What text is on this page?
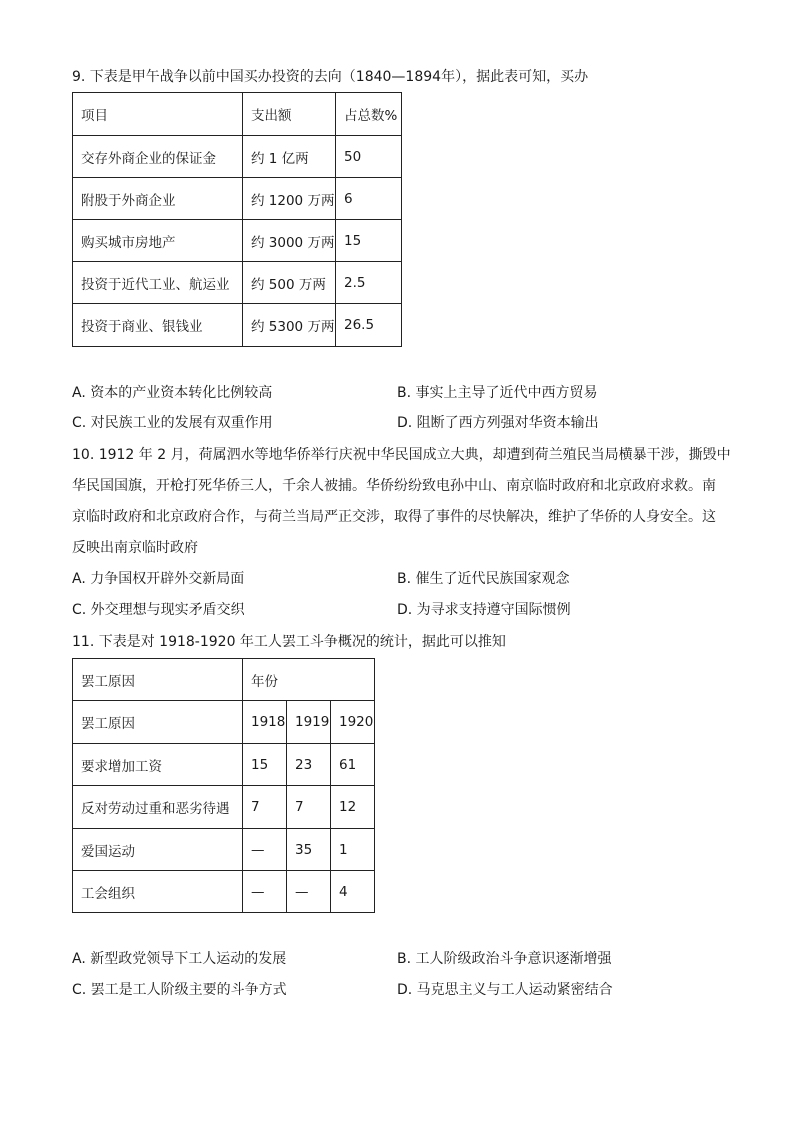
9. 下表是甲午战争以前中国买办投资的去向（1840—1894年），据此表可知，买办
项目	支出额	占总数%
交存外商企业的保证金	约 1 亿两	50
附股于外商企业	约 1200 万两	6
购买城市房地产	约 3000 万两	15
投资于近代工业、航运业	约 500 万两	2.5
投资于商业、银钱业	约 5300 万两	26.5
A. 资本的产业资本转化比例较高	B. 事实上主导了近代中西方贸易
C. 对民族工业的发展有双重作用	D. 阻断了西方列强对华资本输出
10. 1912 年 2 月，荷属泗水等地华侨举行庆祝中华民国成立大典，却遭到荷兰殖民当局横暴干涉，撕毁中
华民国国旗，开枪打死华侨三人，千余人被捕。华侨纷纷致电孙中山、南京临时政府和北京政府求救。南
京临时政府和北京政府合作，与荷兰当局严正交涉，取得了事件的尽快解决，维护了华侨的人身安全。这
反映出南京临时政府
A. 力争国权开辟外交新局面	B. 催生了近代民族国家观念
C. 外交理想与现实矛盾交织	D. 为寻求支持遵守国际惯例
11. 下表是对 1918-1920 年工人罢工斗争概况的统计，据此可以推知
罢工原因	年份		
罢工原因	1918	1919	1920
要求增加工资	15	23	61
反对劳动过重和恶劣待遇	7	7	12
爱国运动	—	35	1
工会组织	—	—	4
A. 新型政党领导下工人运动的发展	B. 工人阶级政治斗争意识逐渐增强
C. 罢工是工人阶级主要的斗争方式	D. 马克思主义与工人运动紧密结合
